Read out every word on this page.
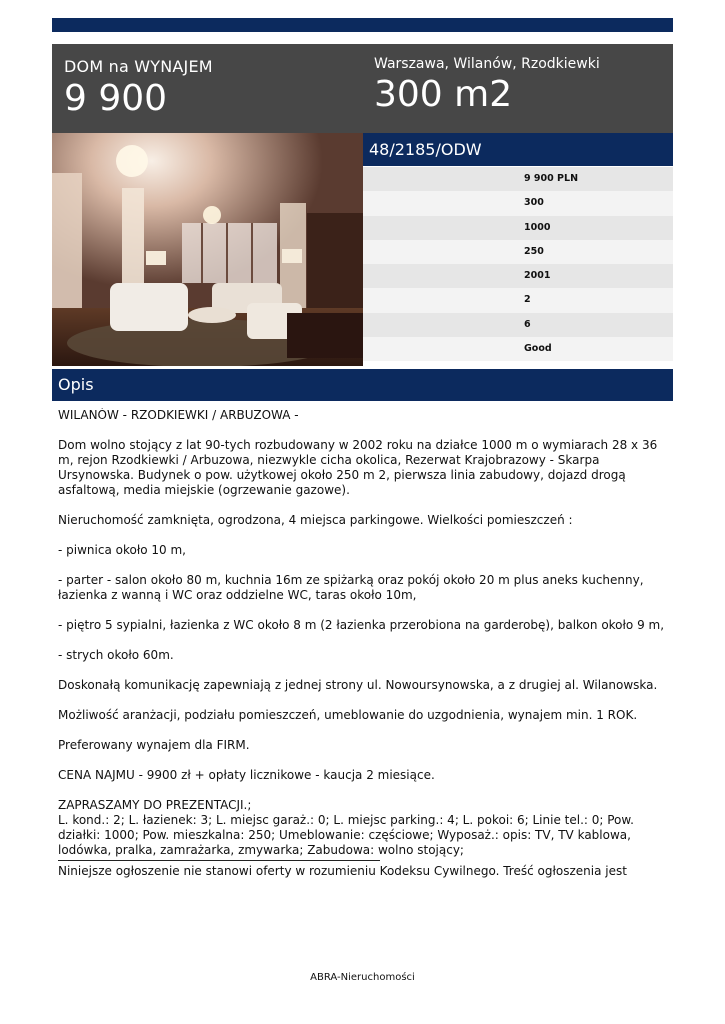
DOM na WYNAJEM
9 900
Warszawa, Wilanów, Rzodkiewki
300 m2
48/2185/ODW
9 900 PLN
300
1000
250
2001
2
6
Good
Opis

WILANÓW - RZODKIEWKI / ARBUZOWA -

Dom wolno stojący z lat 90-tych rozbudowany w 2002 roku na działce 1000 m o wymiarach 28 x 36 m, rejon Rzodkiewki / Arbuzowa, niezwykle cicha okolica, Rezerwat Krajobrazowy - Skarpa Ursynowska. Budynek o pow. użytkowej około 250 m 2, pierwsza linia zabudowy, dojazd drogą asfaltową, media miejskie (ogrzewanie gazowe).

Nieruchomość zamknięta, ogrodzona, 4 miejsca parkingowe. Wielkości pomieszczeń :

- piwnica około 10 m,

- parter - salon około 80 m, kuchnia 16m ze spiżarką oraz pokój około 20 m plus aneks kuchenny, łazienka z wanną i WC oraz oddzielne WC, taras około 10m,

- piętro 5 sypialni, łazienka z WC około 8 m (2 łazienka przerobiona na garderobę), balkon około 9 m,

- strych około 60m.

Doskonałą komunikację zapewniają z jednej strony ul. Nowoursynowska, a z drugiej al. Wilanowska.

Możliwość aranżacji, podziału pomieszczeń, umeblowanie do uzgodnienia, wynajem min. 1 ROK.

Preferowany wynajem dla FIRM.

CENA NAJMU - 9900 zł + opłaty licznikowe - kaucja 2 miesiące.

ZAPRASZAMY DO PREZENTACJI.;

L. kond.: 2; L. łazienek: 3; L. miejsc garaż.: 0; L. miejsc parking.: 4; L. pokoi: 6; Linie tel.: 0; Pow. działki: 1000; Pow. mieszkalna: 250; Umeblowanie: częściowe; Wyposaż.: opis: TV, TV kablowa, lodówka, pralka, zamrażarka, zmywarka; Zabudowa: wolno stojący;

Niniejsze ogłoszenie nie stanowi oferty w rozumieniu Kodeksu Cywilnego. Treść ogłoszenia jest

ABRA-Nieruchomości
